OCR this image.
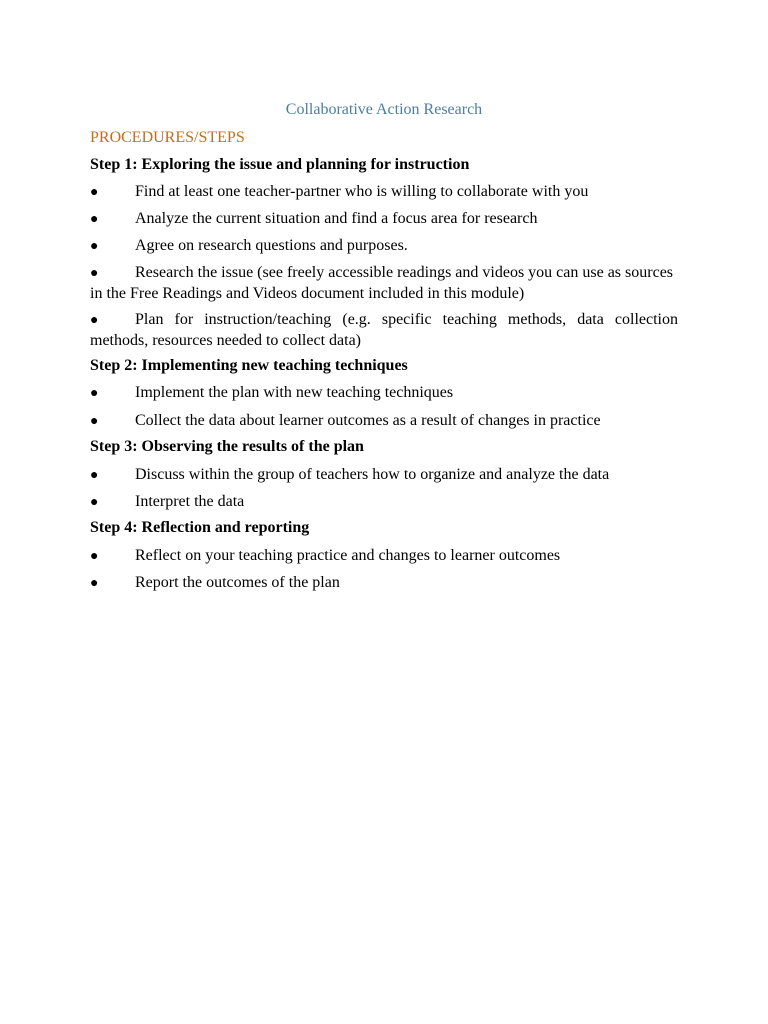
Collaborative Action Research
PROCEDURES/STEPS
Step 1: Exploring the issue and planning for instruction
● Find at least one teacher-partner who is willing to collaborate with you
● Analyze the current situation and find a focus area for research
● Agree on research questions and purposes.
● Research the issue (see freely accessible readings and videos you can use as sources in the Free Readings and Videos document included in this module)
● Plan for instruction/teaching (e.g. specific teaching methods, data collection methods, resources needed to collect data)
Step 2: Implementing new teaching techniques
● Implement the plan with new teaching techniques
● Collect the data about learner outcomes as a result of changes in practice
Step 3: Observing the results of the plan
● Discuss within the group of teachers how to organize and analyze the data
● Interpret the data
Step 4: Reflection and reporting
● Reflect on your teaching practice and changes to learner outcomes
● Report the outcomes of the plan
